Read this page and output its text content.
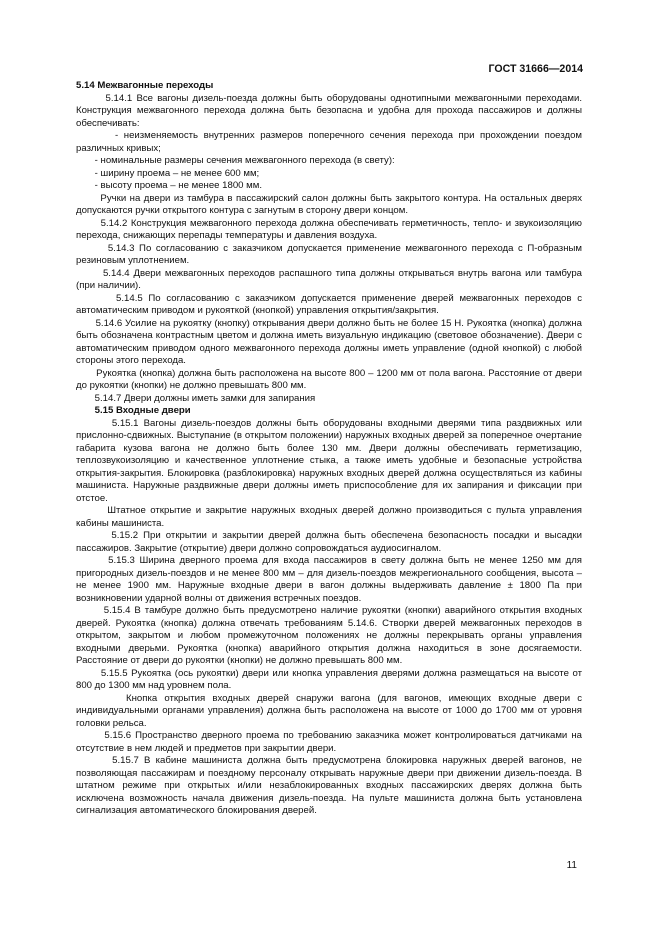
ГОСТ 31666—2014

5.14 Межвагонные переходы

5.14.1 Все вагоны дизель-поезда должны быть оборудованы однотипными межвагонными переходами. Конструкция межвагонного перехода должна быть безопасна и удобна для прохода пассажиров и должны обеспечивать:

- неизменяемость внутренних размеров поперечного сечения перехода при прохождении поездом различных кривых;

- номинальные размеры сечения межвагонного перехода (в свету):

- ширину проема – не менее 600 мм;

- высоту проема – не менее 1800 мм.

Ручки на двери из тамбура в пассажирский салон должны быть закрытого контура. На остальных дверях допускаются ручки открытого контура с загнутым в сторону двери концом.

5.14.2 Конструкция межвагонного перехода должна обеспечивать герметичность, тепло- и звукоизоляцию перехода, снижающих перепады температуры и давления воздуха.

5.14.3 По согласованию с заказчиком допускается применение межвагонного перехода с П-образным резиновым уплотнением.

5.14.4 Двери межвагонных переходов распашного типа должны открываться внутрь вагона или тамбура (при наличии).

5.14.5 По согласованию с заказчиком допускается применение дверей межвагонных переходов с автоматическим приводом и рукояткой (кнопкой) управления открытия/закрытия.

5.14.6 Усилие на рукоятку (кнопку) открывания двери должно быть не более 15 Н. Рукоятка (кнопка) должна быть обозначена контрастным цветом и должна иметь визуальную индикацию (световое обозначение). Двери с автоматическим приводом одного межвагонного перехода должны иметь управление (одной кнопкой) с любой стороны этого перехода.

Рукоятка (кнопка) должна быть расположена на высоте 800 – 1200 мм от пола вагона. Расстояние от двери до рукоятки (кнопки) не должно превышать 800 мм.

5.14.7 Двери должны иметь замки для запирания

5.15 Входные двери

5.15.1 Вагоны дизель-поездов должны быть оборудованы входными дверями типа раздвижных или прислонно-сдвижных. Выступание (в открытом положении) наружных входных дверей за поперечное очертание габарита кузова вагона не должно быть более 130 мм. Двери должны обеспечивать герметизацию, теплозвукоизоляцию и качественное уплотнение стыка, а также иметь удобные и безопасные устройства открытия-закрытия. Блокировка (разблокировка) наружных входных дверей должна осуществляться из кабины машиниста. Наружные раздвижные двери должны иметь приспособление для их запирания и фиксации при отстое.

Штатное открытие и закрытие наружных входных дверей должно производиться с пульта управления кабины машиниста.

5.15.2 При открытии и закрытии дверей должна быть обеспечена безопасность посадки и высадки пассажиров. Закрытие (открытие) двери должно сопровождаться аудиосигналом.

5.15.3 Ширина дверного проема для входа пассажиров в свету должна быть не менее 1250 мм для пригородных дизель-поездов и не менее 800 мм – для дизель-поездов межрегионального сообщения, высота – не менее 1900 мм. Наружные входные двери в вагон должны выдерживать давление ± 1800 Па при возникновении ударной волны от движения встречных поездов.

5.15.4 В тамбуре должно быть предусмотрено наличие рукоятки (кнопки) аварийного открытия входных дверей. Рукоятка (кнопка) должна отвечать требованиям 5.14.6. Створки дверей межвагонных переходов в открытом, закрытом и любом промежуточном положениях не должны перекрывать органы управления входными дверьми. Рукоятка (кнопка) аварийного открытия должна находиться в зоне досягаемости. Расстояние от двери до рукоятки (кнопки) не должно превышать 800 мм.

5.15.5 Рукоятка (ось рукоятки) двери или кнопка управления дверями должна размещаться на высоте от 800 до 1300 мм над уровнем пола.

Кнопка открытия входных дверей снаружи вагона (для вагонов, имеющих входные двери с индивидуальными органами управления) должна быть расположена на высоте от 1000 до 1700 мм от уровня головки рельса.

5.15.6 Пространство дверного проема по требованию заказчика может контролироваться датчиками на отсутствие в нем людей и предметов при закрытии двери.

5.15.7 В кабине машиниста должна быть предусмотрена блокировка наружных дверей вагонов, не позволяющая пассажирам и поездному персоналу открывать наружные двери при движении дизель-поезда. В штатном режиме при открытых и/или незаблокированных входных пассажирских дверях должна быть исключена возможность начала движения дизель-поезда. На пульте машиниста должна быть установлена сигнализация автоматического блокирования дверей.

11
